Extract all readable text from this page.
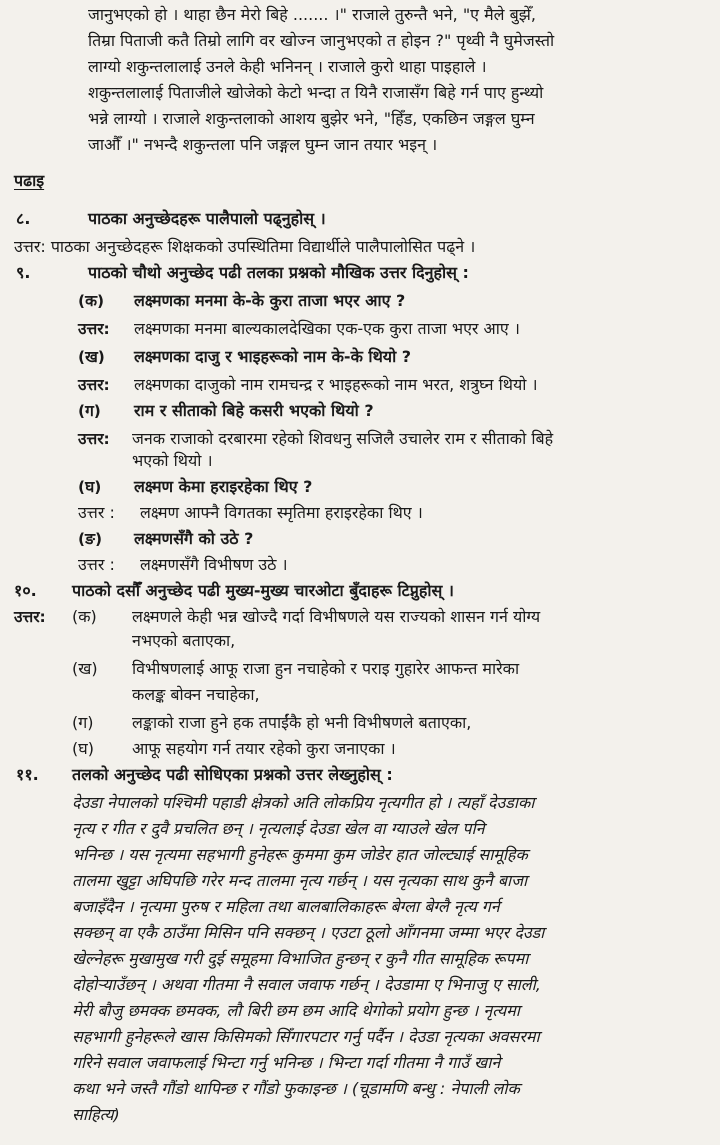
जानुभएको हो । थाहा छैन मेरो बिहे ....... ।" राजाले तुरुन्तै भने, "ए मैले बुझेँ,
तिम्रा पिताजी कतै तिम्रो लागि वर खोज्न जानुभएको त होइन ?" पृथ्वी नै घुमेजस्तो
लाग्यो शकुन्तलालाई उनले केही भनिनन् । राजाले कुरो थाहा पाइहाले ।
शकुन्तलालाई पिताजीले खोजेको केटो भन्दा त यिनै राजासँग बिहे गर्न पाए हुन्थ्यो
भन्ने लाग्यो । राजाले शकुन्तलाको आशय बुझेर भने, "हिँड, एकछिन जङ्गल घुम्न
जाऔँ ।" नभन्दै शकुन्तला पनि जङ्गल घुम्न जान तयार भइन् ।
पढाइ
८.	पाठका अनुच्छेदहरू पालैपालो पढ्नुहोस् ।
उत्तर: पाठका अनुच्छेदहरू शिक्षकको उपस्थितिमा विद्यार्थीले पालैपालोसित पढ्ने ।
९.	पाठको चौथो अनुच्छेद पढी तलका प्रश्नको मौखिक उत्तर दिनुहोस् :
(क) लक्ष्मणका मनमा के-के कुरा ताजा भएर आए ?
उत्तर: लक्ष्मणका मनमा बाल्यकालदेखिका एक-एक कुरा ताजा भएर आए ।
(ख) लक्ष्मणका दाजु र भाइहरूको नाम के-के थियो ?
उत्तर: लक्ष्मणका दाजुको नाम रामचन्द्र र भाइहरूको नाम भरत, शत्रुघ्न थियो ।
(ग) राम र सीताको बिहे कसरी भएको थियो ?
उत्तर: जनक राजाको दरबारमा रहेको शिवधनु सजिलै उचालेर राम र सीताको बिहे
भएको थियो ।
(घ) लक्ष्मण केमा हराइरहेका थिए ?
उत्तर : लक्ष्मण आफ्नै विगतका स्मृतिमा हराइरहेका थिए ।
(ङ) लक्ष्मणसँगै को उठे ?
उत्तर : लक्ष्मणसँगै विभीषण उठे ।
१०. पाठको दसौँ अनुच्छेद पढी मुख्य-मुख्य चारओटा बुँदाहरू टिप्नुहोस् ।
उत्तर: (क) लक्ष्मणले केही भन्न खोज्दै गर्दा विभीषणले यस राज्यको शासन गर्न योग्य
नभएको बताएका,
(ख) विभीषणलाई आफू राजा हुन नचाहेको र पराइ गुहारेर आफन्त मारेका
कलङ्क बोक्न नचाहेका,
(ग) लङ्काको राजा हुने हक तपाईंकै हो भनी विभीषणले बताएका,
(घ) आफू सहयोग गर्न तयार रहेको कुरा जनाएका ।
११. तलको अनुच्छेद पढी सोधिएका प्रश्नको उत्तर लेख्नुहोस् :
देउडा नेपालको पश्चिमी पहाडी क्षेत्रको अति लोकप्रिय नृत्यगीत हो । त्यहाँ देउडाका
नृत्य र गीत र दुवै प्रचलित छन् । नृत्यलाई देउडा खेल वा ग्याउले खेल पनि
भनिन्छ । यस नृत्यमा सहभागी हुनेहरू कुममा कुम जोडेर हात जोल्ट्याई सामूहिक
तालमा खुट्टा अघिपछि गरेर मन्द तालमा नृत्य गर्छन् । यस नृत्यका साथ कुनै बाजा
बजाइँदैन । नृत्यमा पुरुष र महिला तथा बालबालिकाहरू बेग्ला बेग्लै नृत्य गर्न
सक्छन् वा एकै ठाउँमा मिसिन पनि सक्छन् । एउटा ठूलो आँगनमा जम्मा भएर देउडा
खेल्नेहरू मुखामुख गरी दुई समूहमा विभाजित हुन्छन् र कुनै गीत सामूहिक रूपमा
दोहोऱ्याउँछन् । अथवा गीतमा नै सवाल जवाफ गर्छन् । देउडामा ए भिनाजु ए साली,
मेरी बौजु छमक्क छमक्क, लौ बिरी छम छम आदि थेगोको प्रयोग हुन्छ । नृत्यमा
सहभागी हुनेहरूले खास किसिमको सिँगारपटार गर्नु पर्दैन । देउडा नृत्यका अवसरमा
गरिने सवाल जवाफलाई भिन्टा गर्नु भनिन्छ । भिन्टा गर्दा गीतमा नै गाउँ खाने
कथा भने जस्तै गौंडो थापिन्छ र गौंडो फुकाइन्छ । (चूडामणि बन्धु : नेपाली लोक
साहित्य)
